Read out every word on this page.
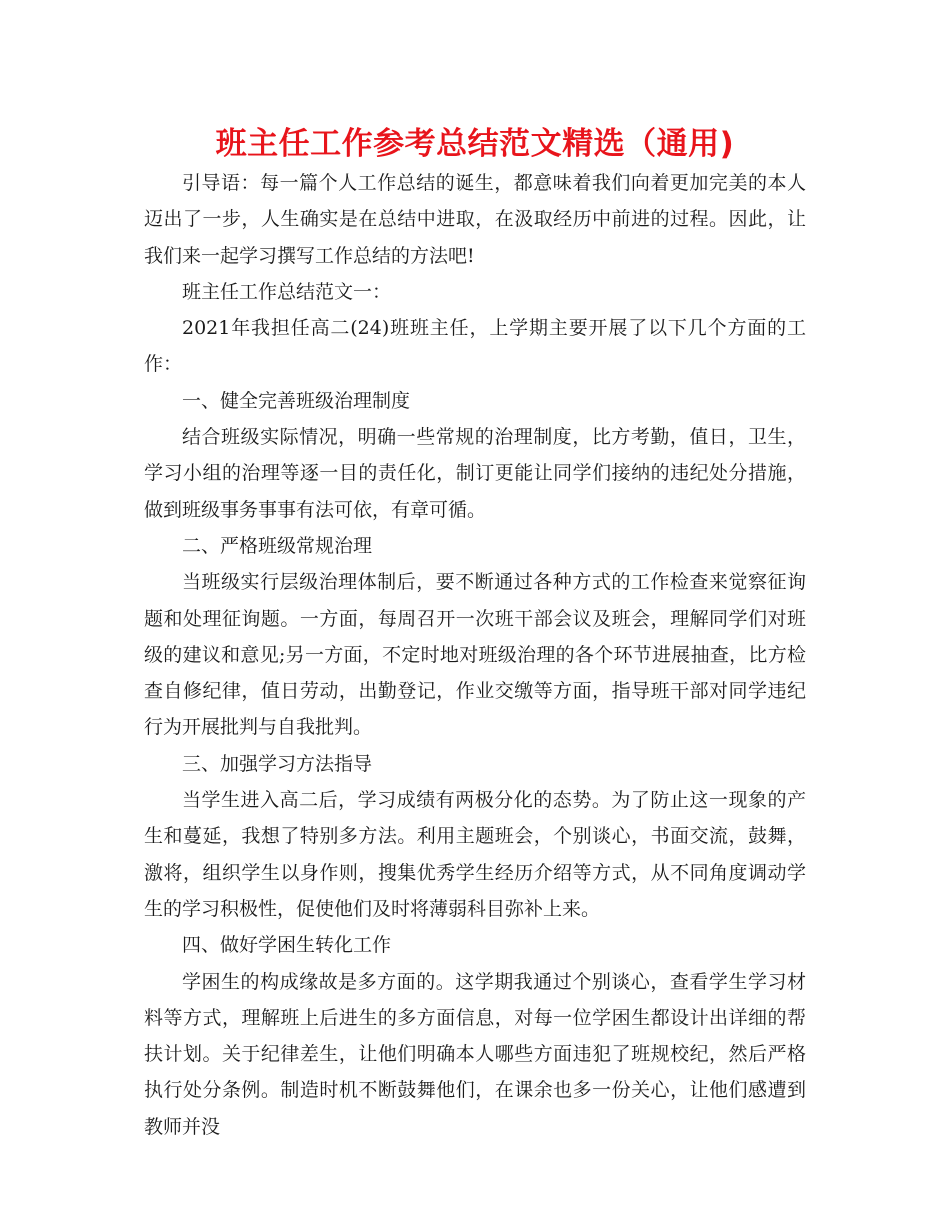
班主任工作参考总结范文精选（通用)

引导语：每一篇个人工作总结的诞生，都意味着我们向着更加完美的本人迈出了一步，人生确实是在总结中进取，在汲取经历中前进的过程。因此，让我们来一起学习撰写工作总结的方法吧!

班主任工作总结范文一：

2021年我担任高二(24)班班主任，上学期主要开展了以下几个方面的工作：

一、健全完善班级治理制度

结合班级实际情况，明确一些常规的治理制度，比方考勤，值日，卫生，学习小组的治理等逐一目的责任化，制订更能让同学们接纳的违纪处分措施，做到班级事务事事有法可依，有章可循。

二、严格班级常规治理

当班级实行层级治理体制后，要不断通过各种方式的工作检查来觉察征询题和处理征询题。一方面，每周召开一次班干部会议及班会，理解同学们对班级的建议和意见;另一方面，不定时地对班级治理的各个环节进展抽查，比方检查自修纪律，值日劳动，出勤登记，作业交缴等方面，指导班干部对同学违纪行为开展批判与自我批判。

三、加强学习方法指导

当学生进入高二后，学习成绩有两极分化的态势。为了防止这一现象的产生和蔓延，我想了特别多方法。利用主题班会，个别谈心，书面交流，鼓舞，激将，组织学生以身作则，搜集优秀学生经历介绍等方式，从不同角度调动学生的学习积极性，促使他们及时将薄弱科目弥补上来。

四、做好学困生转化工作

学困生的构成缘故是多方面的。这学期我通过个别谈心，查看学生学习材料等方式，理解班上后进生的多方面信息，对每一位学困生都设计出详细的帮扶计划。关于纪律差生，让他们明确本人哪些方面违犯了班规校纪，然后严格执行处分条例。制造时机不断鼓舞他们，在课余也多一份关心，让他们感遭到教师并没
